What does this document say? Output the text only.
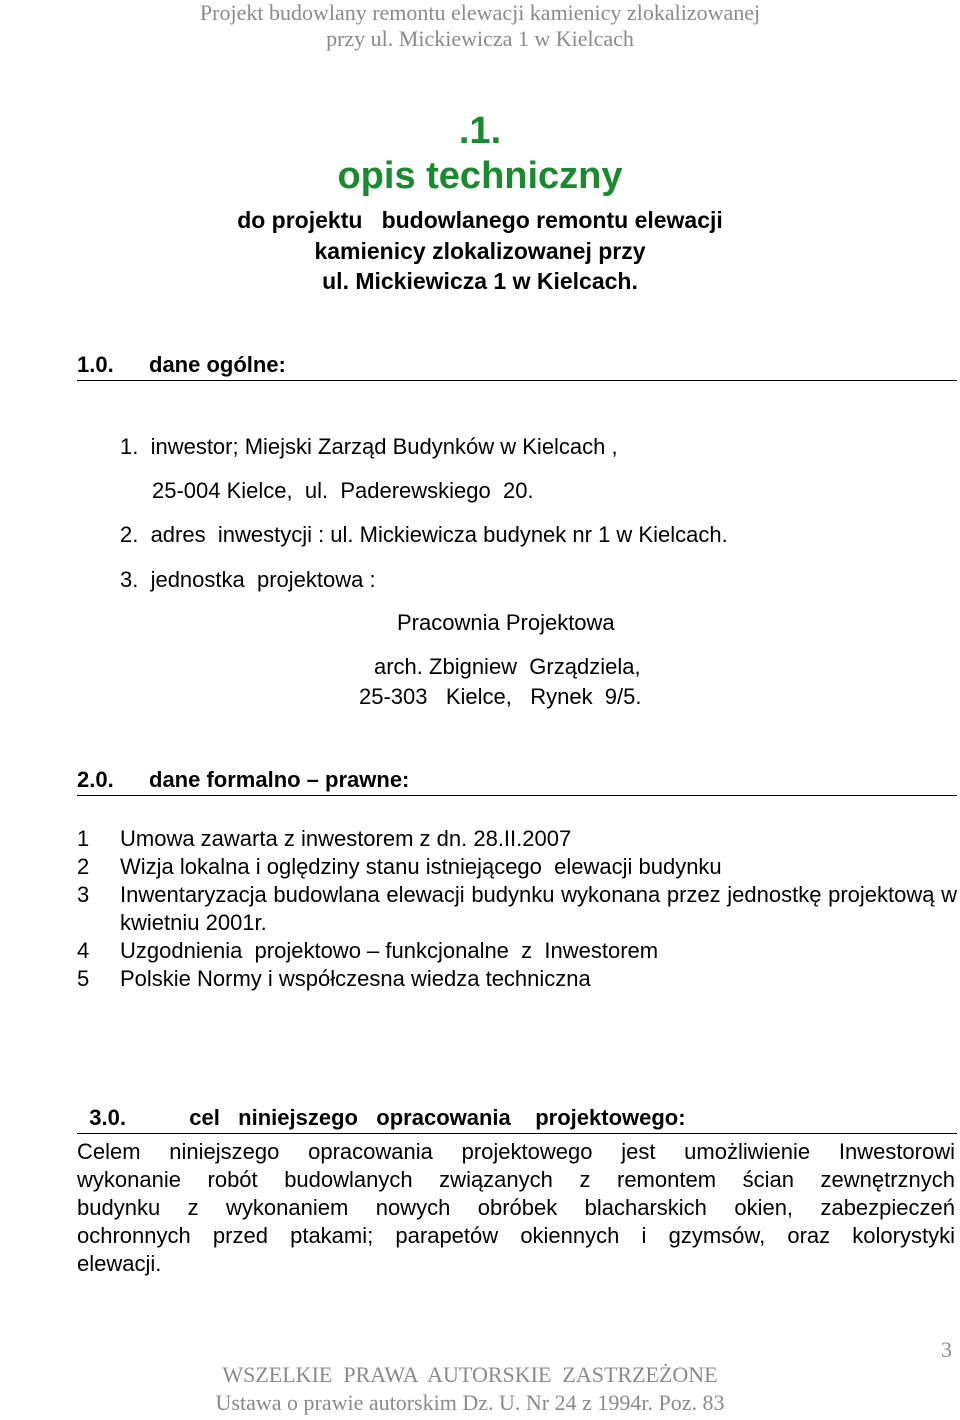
Projekt budowlany remontu elewacji kamienicy zlokalizowanej
przy ul. Mickiewicza 1 w Kielcach
.1.
opis techniczny
do projektu   budowlanego remontu elewacji
kamienicy zlokalizowanej przy
ul. Mickiewicza 1 w Kielcach.
1.0. dane ogólne:
1.  inwestor; Miejski Zarząd Budynków w Kielcach ,
25-004 Kielce,  ul.  Paderewskiego  20.
2.  adres  inwestycji : ul. Mickiewicza budynek nr 1 w Kielcach.
3.  jednostka  projektowa :
Pracownia Projektowa
arch. Zbigniew  Grządziela,
25-303   Kielce,   Rynek  9/5.
2.0. dane formalno – prawne:
1	Umowa zawarta z inwestorem z dn. 28.II.2007
2	Wizja lokalna i oględziny stanu istniejącego  elewacji budynku
3	Inwentaryzacja budowlana elewacji budynku wykonana przez jednostkę projektową w kwietniu 2001r.
4	Uzgodnienia  projektowo – funkcjonalne  z  Inwestorem
5	Polskie Normy i współczesna wiedza techniczna

3.0.	cel   niniejszego   opracowania    projektowego:

Celem niniejszego opracowania projektowego jest umożliwienie Inwestorowi
wykonanie robót budowlanych związanych z remontem ścian zewnętrznych
budynku z wykonaniem nowych obróbek blacharskich okien, zabezpieczeń
ochronnych przed ptakami; parapetów okiennych i gzymsów, oraz kolorystyki
elewacji.
3
WSZELKIE  PRAWA  AUTORSKIE  ZASTRZEŻONE
Ustawa o prawie autorskim Dz. U. Nr 24 z 1994r. Poz. 83
